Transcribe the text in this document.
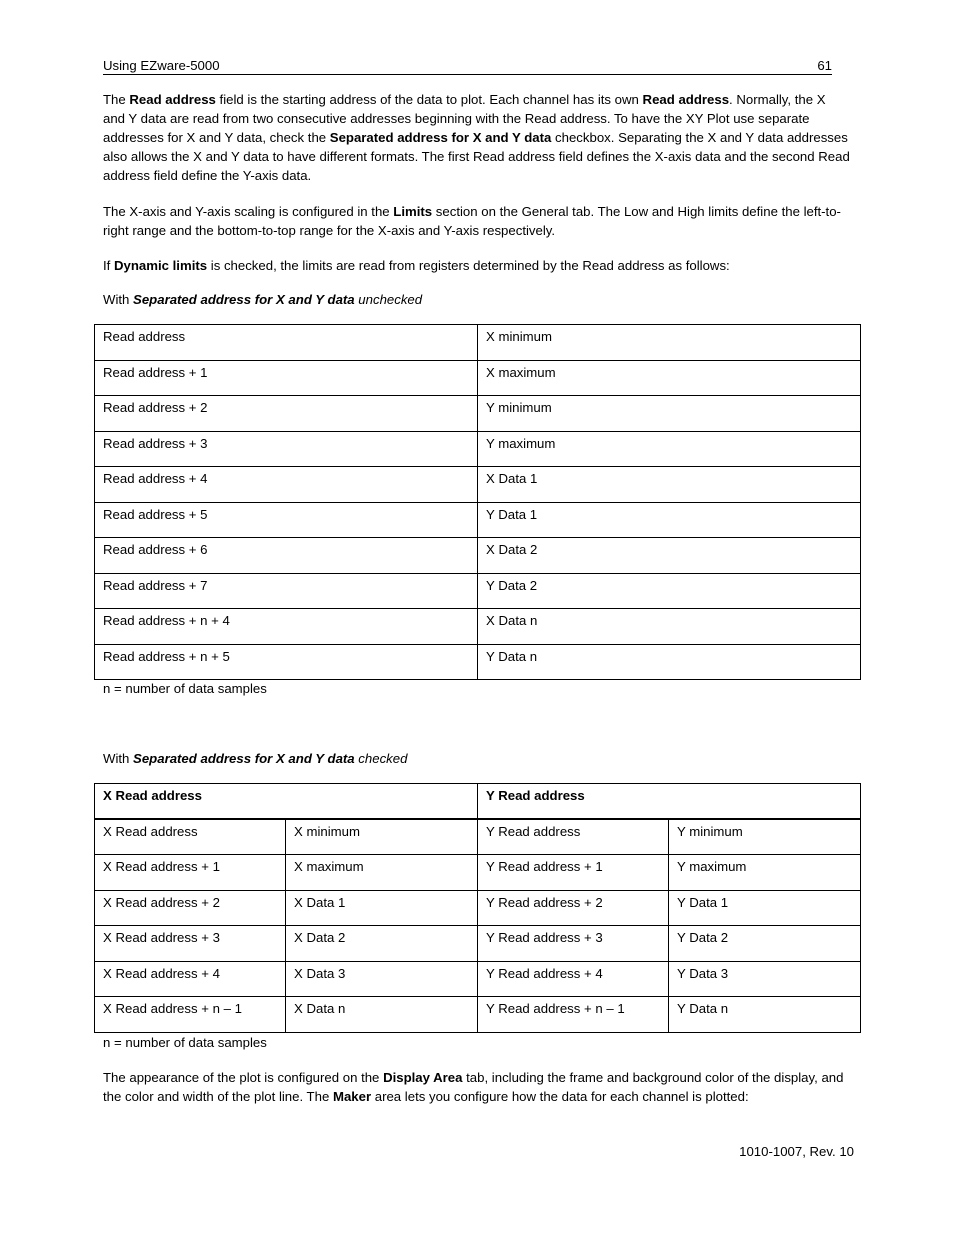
Using EZware-5000	61

The Read address field is the starting address of the data to plot. Each channel has its own Read address. Normally, the X and Y data are read from two consecutive addresses beginning with the Read address. To have the XY Plot use separate addresses for X and Y data, check the Separated address for X and Y data checkbox. Separating the X and Y data addresses also allows the X and Y data to have different formats. The first Read address field defines the X-axis data and the second Read address field define the Y-axis data.

The X-axis and Y-axis scaling is configured in the Limits section on the General tab. The Low and High limits define the left-to-right range and the bottom-to-top range for the X-axis and Y-axis respectively.

If Dynamic limits is checked, the limits are read from registers determined by the Read address as follows:

With Separated address for X and Y data unchecked

Read address	X minimum
Read address + 1	X maximum
Read address + 2	Y minimum
Read address + 3	Y maximum
Read address + 4	X Data 1
Read address + 5	Y Data 1
Read address + 6	X Data 2
Read address + 7	Y Data 2
Read address + n + 4	X Data n
Read address + n + 5	Y Data n

n = number of data samples

With Separated address for X and Y data checked

X Read address		Y Read address	
X Read address	X minimum	Y Read address	Y minimum
X Read address + 1	X maximum	Y Read address + 1	Y maximum
X Read address + 2	X Data 1	Y Read address + 2	Y Data 1
X Read address + 3	X Data 2	Y Read address + 3	Y Data 2
X Read address + 4	X Data 3	Y Read address + 4	Y Data 3
X Read address + n – 1	X Data n	Y Read address + n – 1	Y Data n

n = number of data samples

The appearance of the plot is configured on the Display Area tab, including the frame and background color of the display, and the color and width of the plot line. The Maker area lets you configure how the data for each channel is plotted:

1010-1007, Rev. 10
